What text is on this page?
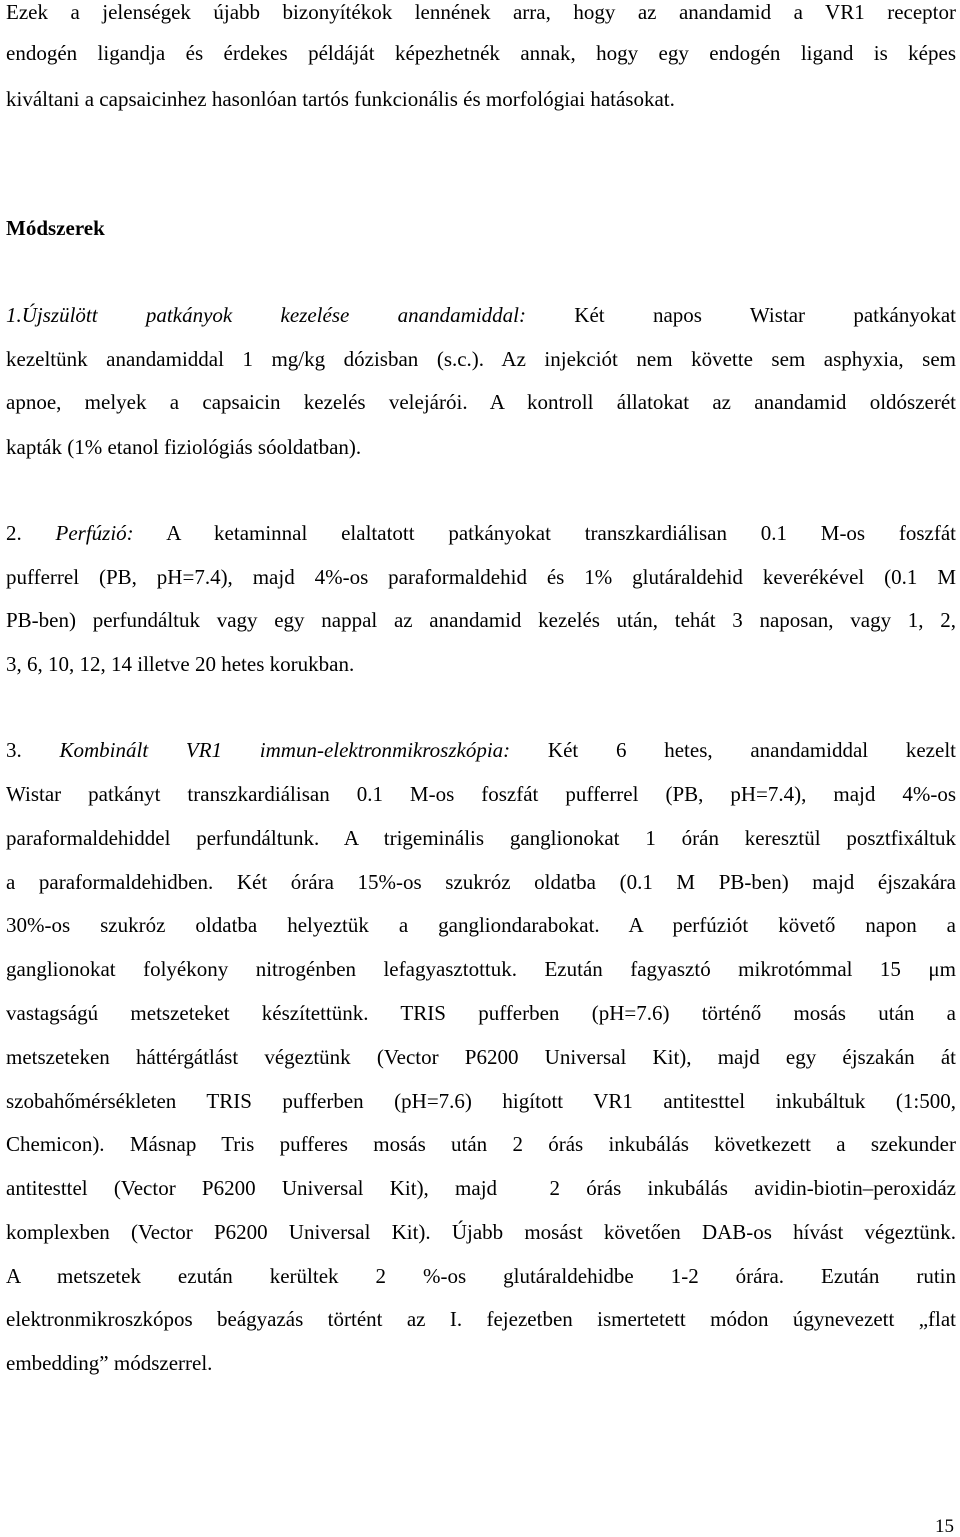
Ezek a jelenségek újabb bizonyítékok lennének arra, hogy az anandamid a VR1 receptor
endogén ligandja és érdekes példáját képezhetnék annak, hogy egy endogén ligand is képes
kiváltani a capsaicinhez hasonlóan tartós funkcionális és morfológiai hatásokat.
Módszerek
1.Újszülött patkányok kezelése anandamiddal: Két napos Wistar patkányokat
kezeltünk anandamiddal 1 mg/kg dózisban (s.c.). Az injekciót nem követte sem asphyxia, sem
apnoe, melyek a capsaicin kezelés velejárói. A kontroll állatokat az anandamid oldószerét
kapták (1% etanol fiziológiás sóoldatban).
2. Perfúzió: A ketaminnal elaltatott patkányokat transzkardiálisan 0.1 M-os foszfát
pufferrel (PB, pH=7.4), majd 4%-os paraformaldehid és 1% glutáraldehid keverékével (0.1 M
PB-ben) perfundáltuk vagy egy nappal az anandamid kezelés után, tehát 3 naposan, vagy 1, 2,
3, 6, 10, 12, 14 illetve 20 hetes korukban.
3. Kombinált VR1 immun-elektronmikroszkópia: Két 6 hetes, anandamiddal kezelt
Wistar patkányt transzkardiálisan 0.1 M-os foszfát pufferrel (PB, pH=7.4), majd 4%-os
paraformaldehiddel perfundáltunk. A trigeminális ganglionokat 1 órán keresztül posztfixáltuk
a paraformaldehidben. Két órára 15%-os szukróz oldatba (0.1 M PB-ben) majd éjszakára
30%-os szukróz oldatba helyeztük a gangliondarabokat. A perfúziót követő napon a
ganglionokat folyékony nitrogénben lefagyasztottuk. Ezután fagyasztó mikrotómmal 15 μm
vastagságú metszeteket készítettünk. TRIS pufferben (pH=7.6) történő mosás után a
metszeteken háttérgátlást végeztünk (Vector P6200 Universal Kit), majd egy éjszakán át
szobahőmérsékleten TRIS pufferben (pH=7.6) higított VR1 antitesttel inkubáltuk (1:500,
Chemicon). Másnap Tris pufferes mosás után 2 órás inkubálás következett a szekunder
antitesttel (Vector P6200 Universal Kit), majd  2 órás inkubálás avidin-biotin–peroxidáz
komplexben (Vector P6200 Universal Kit). Újabb mosást követően DAB-os hívást végeztünk.
A metszetek ezután kerültek 2 %-os glutáraldehidbe 1-2 órára. Ezután rutin
elektronmikroszkópos beágyazás történt az I. fejezetben ismertetett módon úgynevezett „flat
embedding” módszerrel.
15
